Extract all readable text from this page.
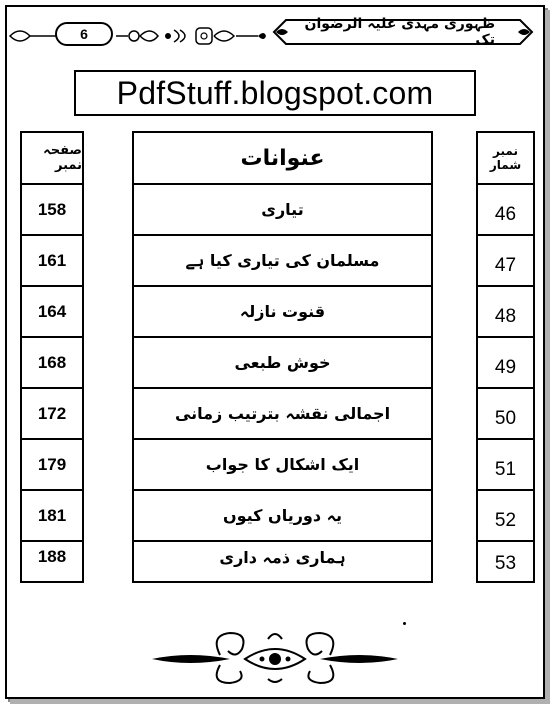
6
ظہوری مہدی علیہ الرضوان تک
PdfStuff.blogspot.com
صفحہ نمبر
158
161
164
168
172
179
181
188
عنوانات
تیاری
مسلمان کی تیاری کیا ہے
قنوت نازلہ
خوش طبعی
اجمالی نقشہ بترتیب زمانی
ایک اشکال کا جواب
یہ دوریاں کیوں
ہماری ذمہ داری
نمبر شمار
46
47
48
49
50
51
52
53
